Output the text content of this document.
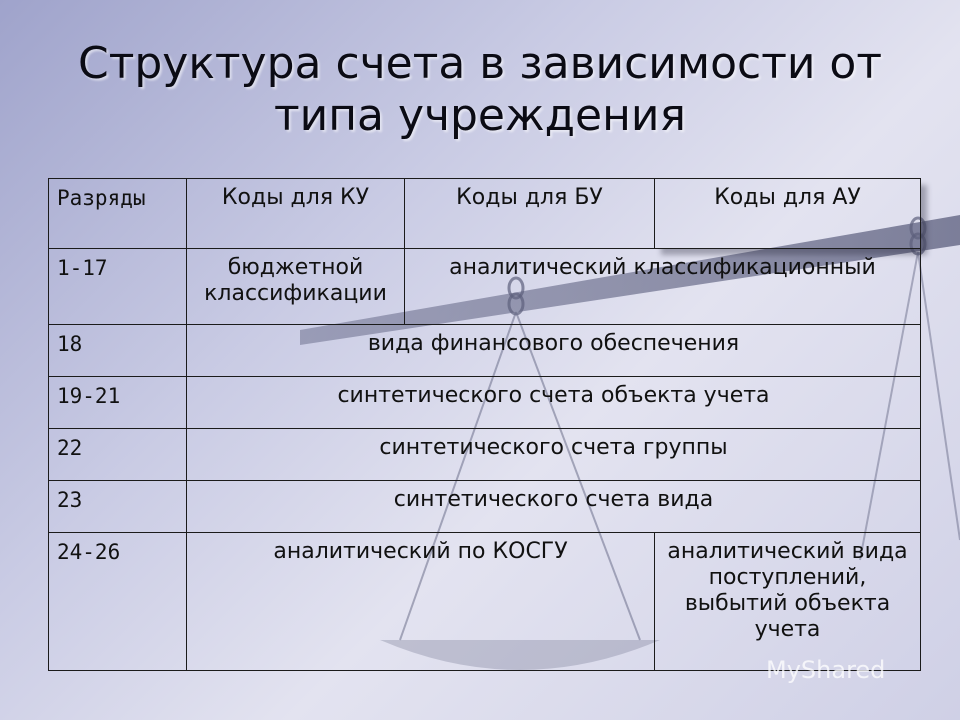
Структура счета в зависимости от
типа учреждения
Разряды	Коды для КУ	Коды для БУ	Коды для АУ
1-17	бюджетной классификации	аналитический классификационный	
18	вида финансового обеспечения		
19-21	синтетического счета объекта учета		
22	синтетического счета группы		
23	синтетического счета вида		
24-26	аналитический по КОСГУ		аналитический вида поступлений, выбытий объекта учета
MyShared
